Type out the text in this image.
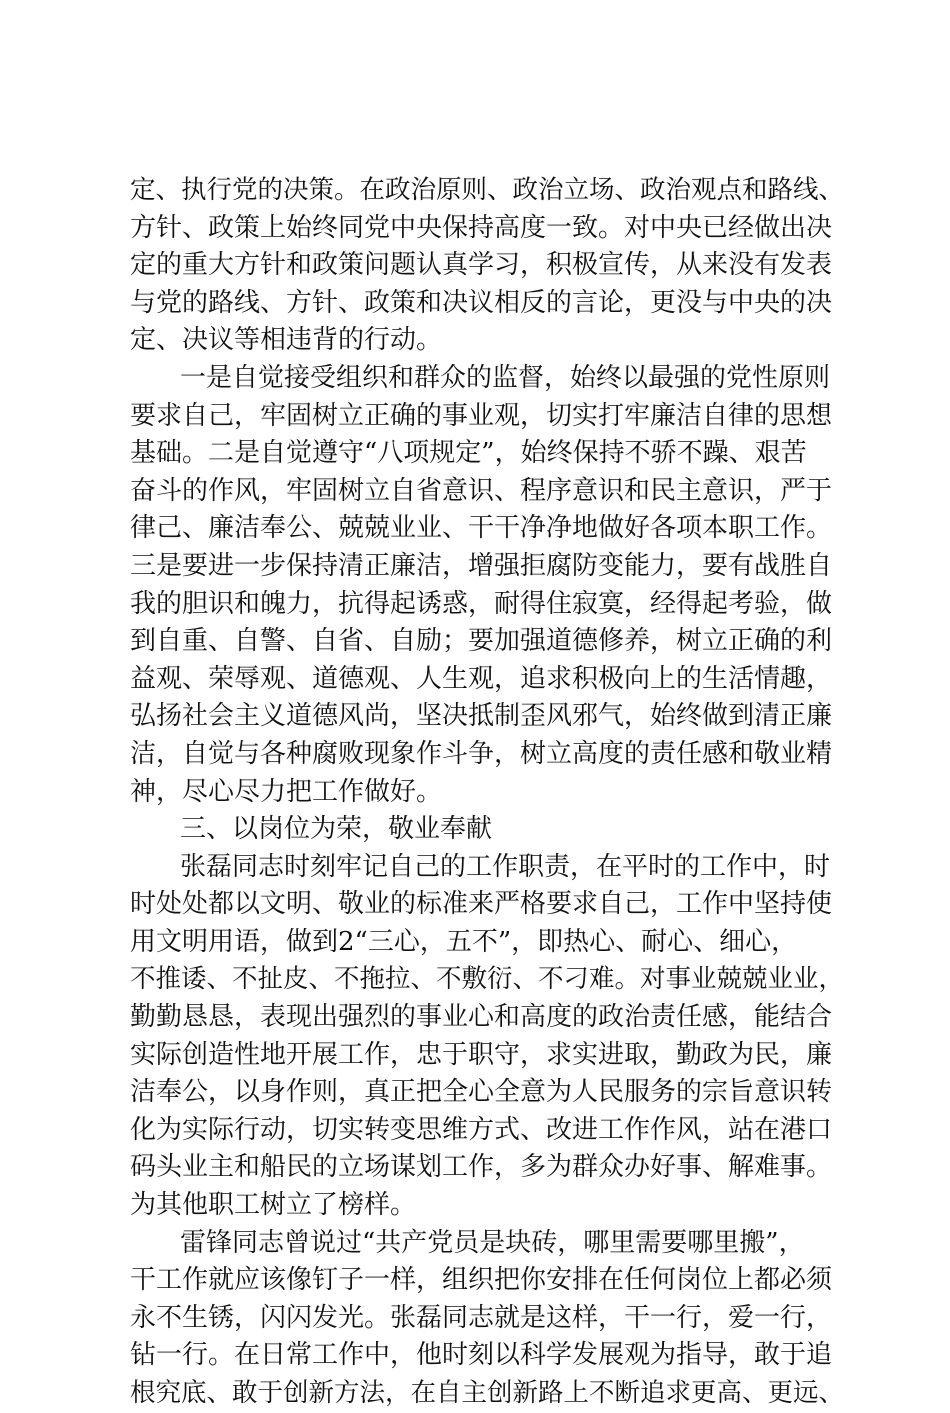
定、执行党的决策。在政治原则、政治立场、政治观点和路线、
方针、政策上始终同党中央保持高度一致。对中央已经做出决
定的重大方针和政策问题认真学习，积极宣传，从来没有发表
与党的路线、方针、政策和决议相反的言论，更没与中央的决
定、决议等相违背的行动。
一是自觉接受组织和群众的监督，始终以最强的党性原则
要求自己，牢固树立正确的事业观，切实打牢廉洁自律的思想
基础。二是自觉遵守“八项规定”，始终保持不骄不躁、艰苦
奋斗的作风，牢固树立自省意识、程序意识和民主意识，严于
律己、廉洁奉公、兢兢业业、干干净净地做好各项本职工作。
三是要进一步保持清正廉洁，增强拒腐防变能力，要有战胜自
我的胆识和魄力，抗得起诱惑，耐得住寂寞，经得起考验，做
到自重、自警、自省、自励；要加强道德修养，树立正确的利
益观、荣辱观、道德观、人生观，追求积极向上的生活情趣，
弘扬社会主义道德风尚，坚决抵制歪风邪气，始终做到清正廉
洁，自觉与各种腐败现象作斗争，树立高度的责任感和敬业精
神，尽心尽力把工作做好。
三、以岗位为荣，敬业奉献
张磊同志时刻牢记自己的工作职责，在平时的工作中，时
时处处都以文明、敬业的标准来严格要求自己，工作中坚持使
用文明用语，做到2“三心，五不”，即热心、耐心、细心，
不推诿、不扯皮、不拖拉、不敷衍、不刁难。对事业兢兢业业，
勤勤恳恳，表现出强烈的事业心和高度的政治责任感，能结合
实际创造性地开展工作，忠于职守，求实进取，勤政为民，廉
洁奉公，以身作则，真正把全心全意为人民服务的宗旨意识转
化为实际行动，切实转变思维方式、改进工作作风，站在港口
码头业主和船民的立场谋划工作，多为群众办好事、解难事。
为其他职工树立了榜样。
雷锋同志曾说过“共产党员是块砖，哪里需要哪里搬”，
干工作就应该像钉子一样，组织把你安排在任何岗位上都必须
永不生锈，闪闪发光。张磊同志就是这样，干一行，爱一行，
钻一行。在日常工作中，他时刻以科学发展观为指导，敢于追
根究底、敢于创新方法，在自主创新路上不断追求更高、更远、
